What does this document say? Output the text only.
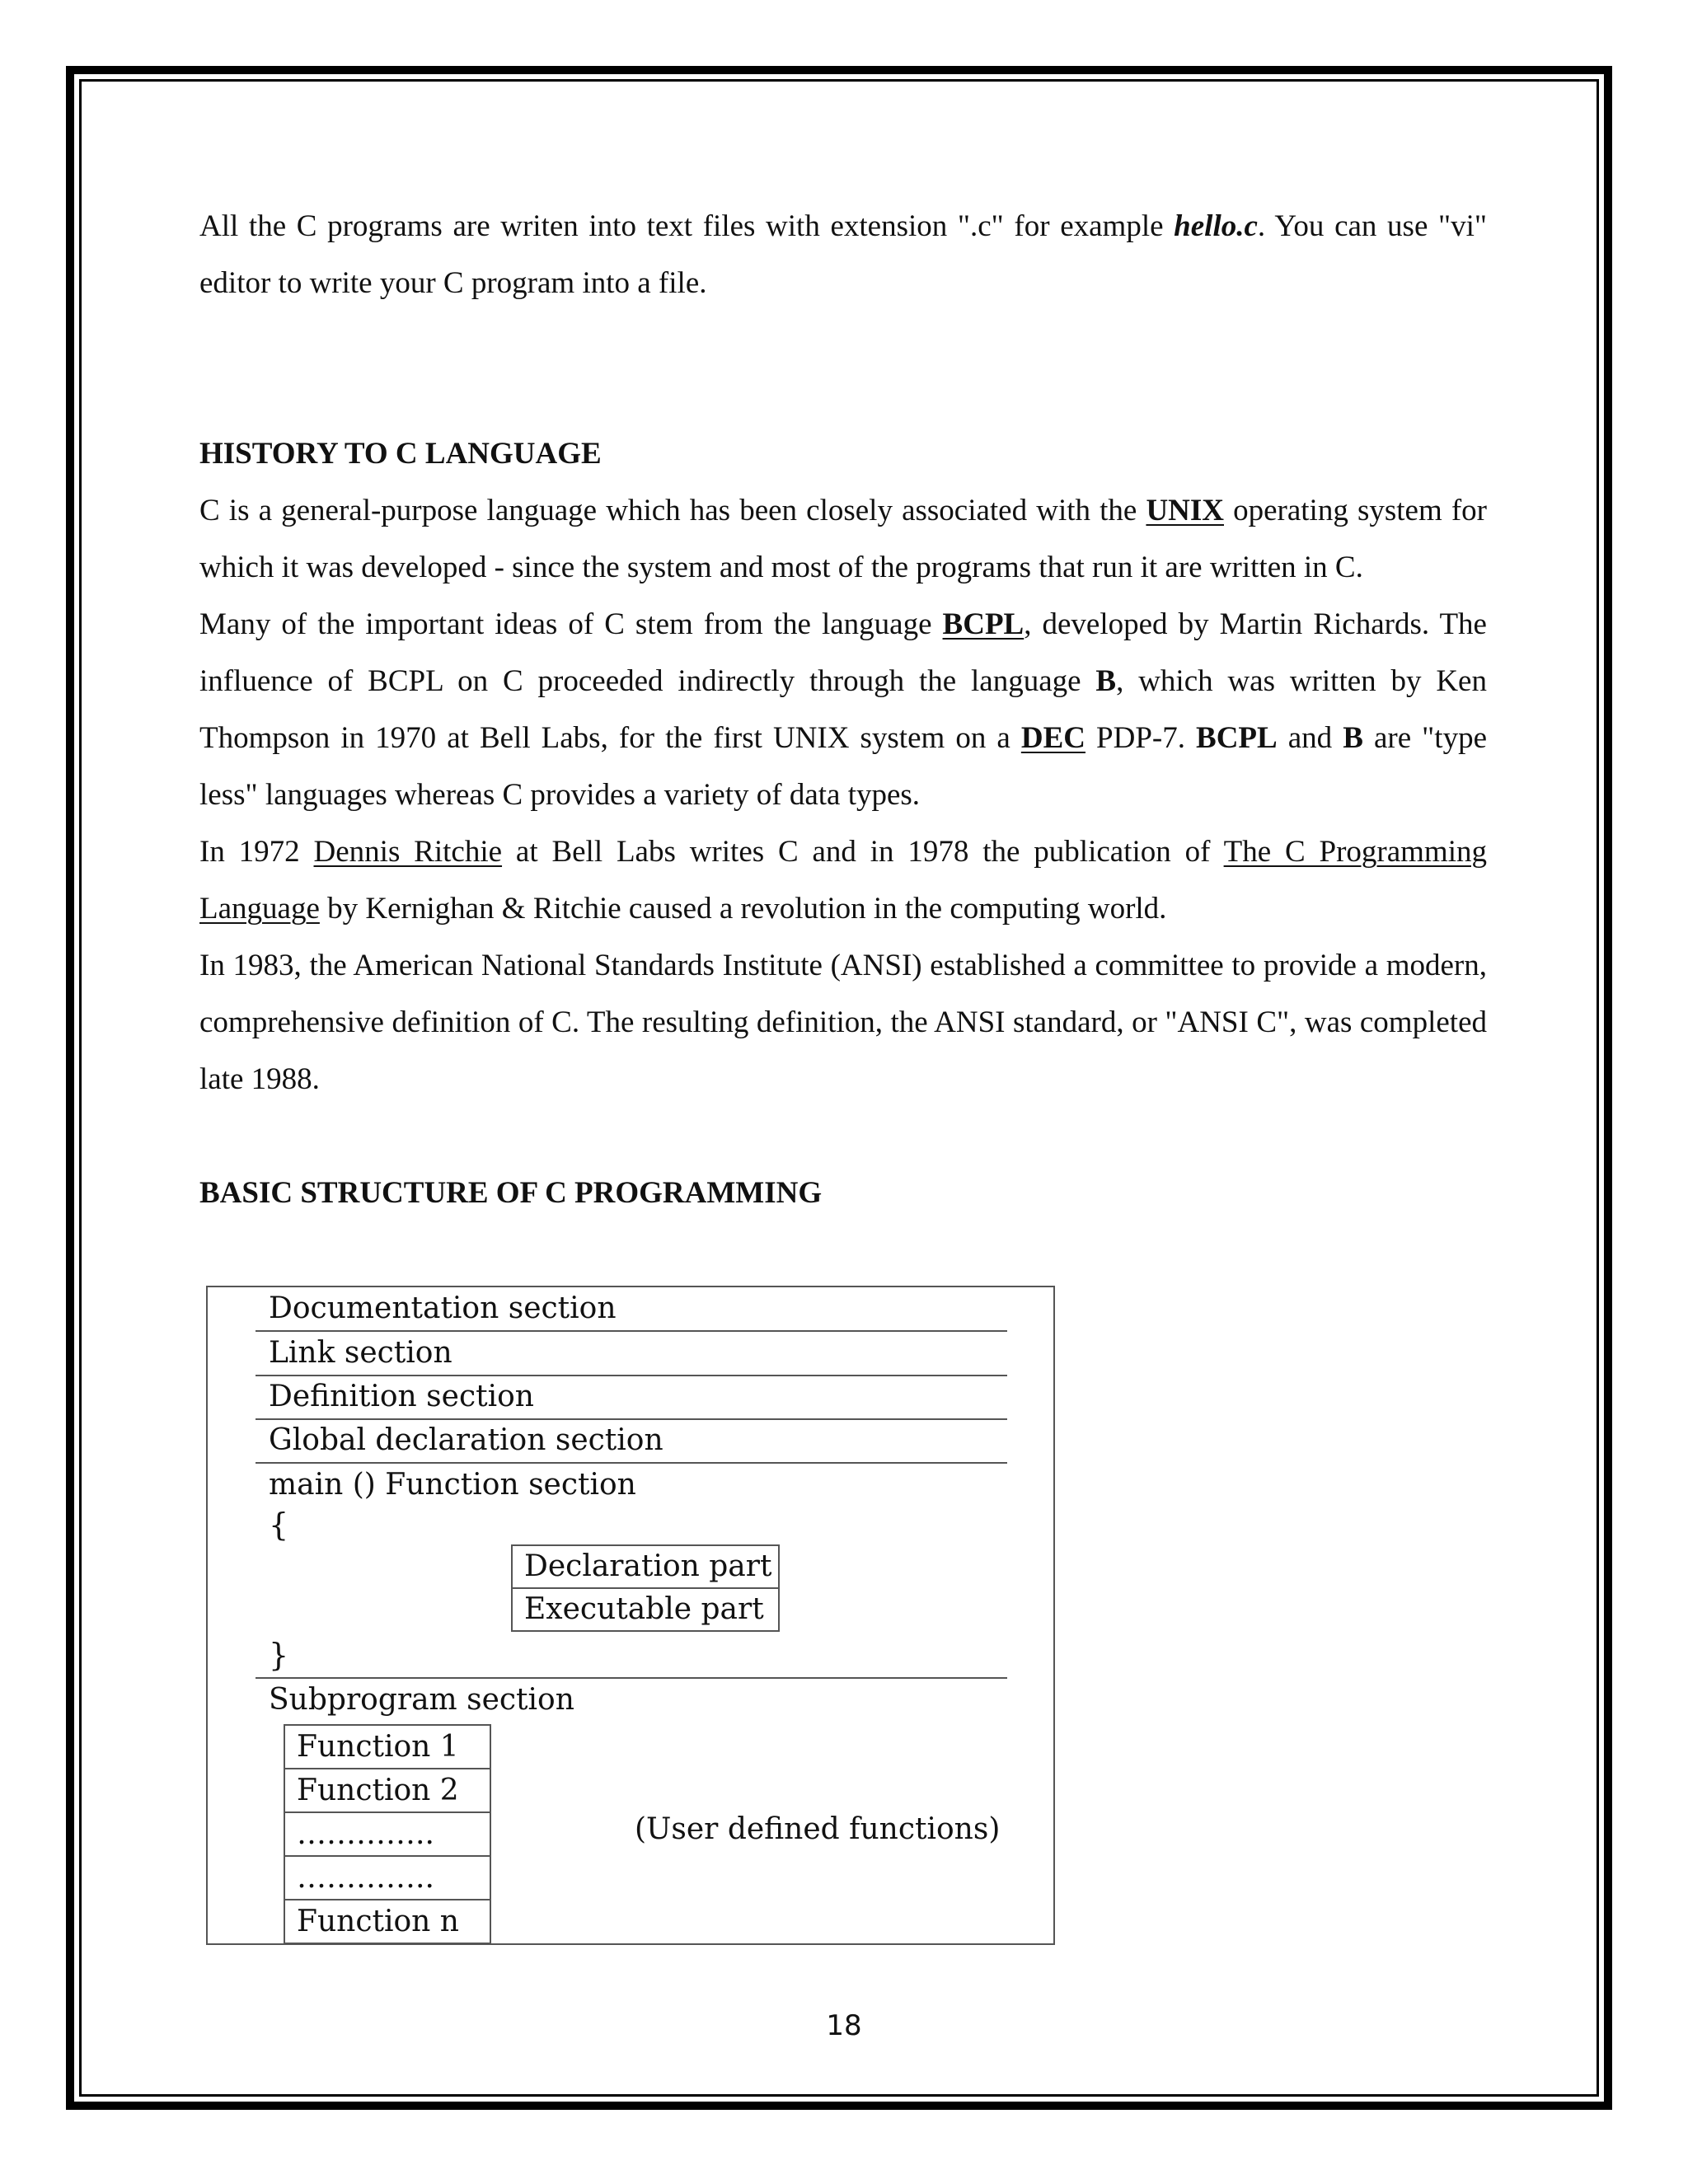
All the C programs are writen into text files with extension ".c" for example hello.c. You can use "vi" editor to write your C program into a file.

HISTORY TO C LANGUAGE

C is a general-purpose language which has been closely associated with the UNIX operating system for which it was developed - since the system and most of the programs that run it are written in C.

Many of the important ideas of C stem from the language BCPL, developed by Martin Richards. The influence of BCPL on C proceeded indirectly through the language B, which was written by Ken Thompson in 1970 at Bell Labs, for the first UNIX system on a DEC PDP-7. BCPL and B are "type less" languages whereas C provides a variety of data types.

In 1972 Dennis Ritchie at Bell Labs writes C and in 1978 the publication of The C Programming Language by Kernighan & Ritchie caused a revolution in the computing world.

In 1983, the American National Standards Institute (ANSI) established a committee to provide a modern, comprehensive definition of C. The resulting definition, the ANSI standard, or "ANSI C", was completed late 1988.

BASIC STRUCTURE OF C PROGRAMMING

Documentation section
Link section
Definition section
Global declaration section
main () Function section
{
Declaration part
Executable part
}
Subprogram section
Function 1
Function 2
…………..
…………..
Function n
(User defined functions)
18
